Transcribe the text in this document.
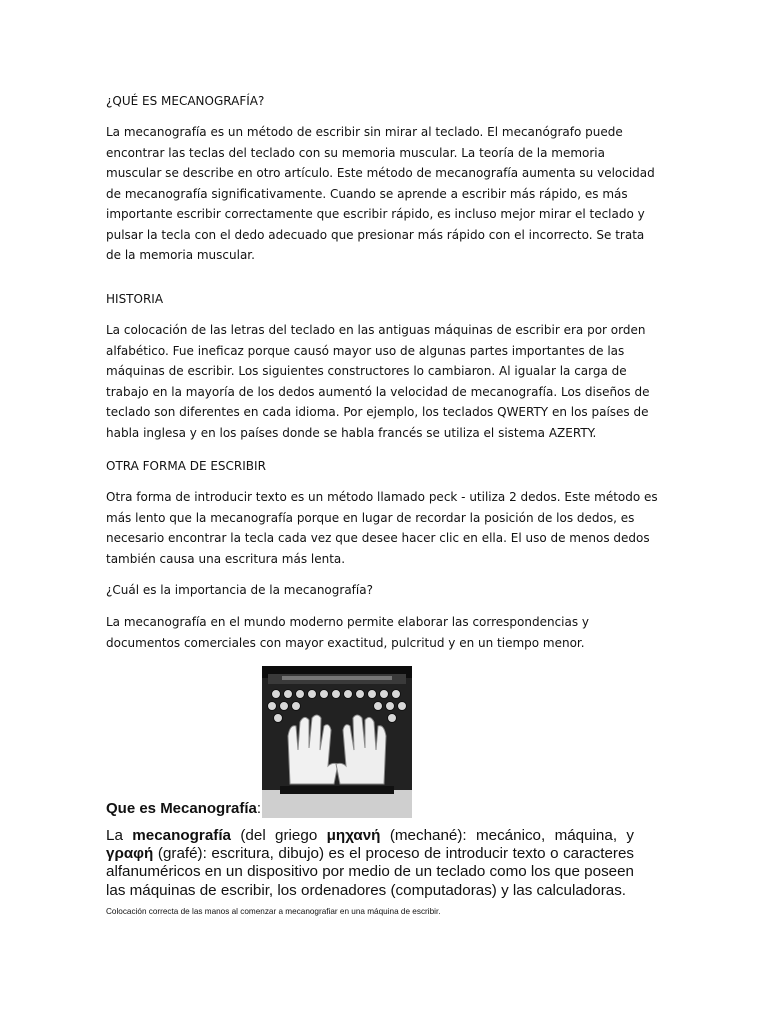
¿QUÉ ES MECANOGRAFÍA?

La mecanografía es un método de escribir sin mirar al teclado. El mecanógrafo puede encontrar las teclas del teclado con su memoria muscular. La teoría de la memoria muscular se describe en otro artículo. Este método de mecanografía aumenta su velocidad de mecanografía significativamente. Cuando se aprende a escribir más rápido, es más importante escribir correctamente que escribir rápido, es incluso mejor mirar el teclado y pulsar la tecla con el dedo adecuado que presionar más rápido con el incorrecto. Se trata de la memoria muscular.

HISTORIA

La colocación de las letras del teclado en las antiguas máquinas de escribir era por orden alfabético. Fue ineficaz porque causó mayor uso de algunas partes importantes de las máquinas de escribir. Los siguientes constructores lo cambiaron. Al igualar la carga de trabajo en la mayoría de los dedos aumentó la velocidad de mecanografía. Los diseños de teclado son diferentes en cada idioma. Por ejemplo, los teclados QWERTY en los países de habla inglesa y en los países donde se habla francés se utiliza el sistema AZERTY.

OTRA FORMA DE ESCRIBIR

Otra forma de introducir texto es un método llamado peck - utiliza 2 dedos. Este método es más lento que la mecanografía porque en lugar de recordar la posición de los dedos, es necesario encontrar la tecla cada vez que desee hacer clic en ella. El uso de menos dedos también causa una escritura más lenta.

¿Cuál es la importancia de la mecanografía?

La mecanografía en el mundo moderno permite elaborar las correspondencias y documentos comerciales con mayor exactitud, pulcritud y en un tiempo menor.

Que es Mecanografía:

La mecanografía (del griego μηχανή (mechané): mecánico, máquina, y γραφή (grafé): escritura, dibujo) es el proceso de introducir texto o caracteres alfanuméricos en un dispositivo por medio de un teclado como los que poseen las máquinas de escribir, los ordenadores (computadoras) y las calculadoras.

Colocación correcta de las manos al comenzar a mecanografiar en una máquina de escribir.
